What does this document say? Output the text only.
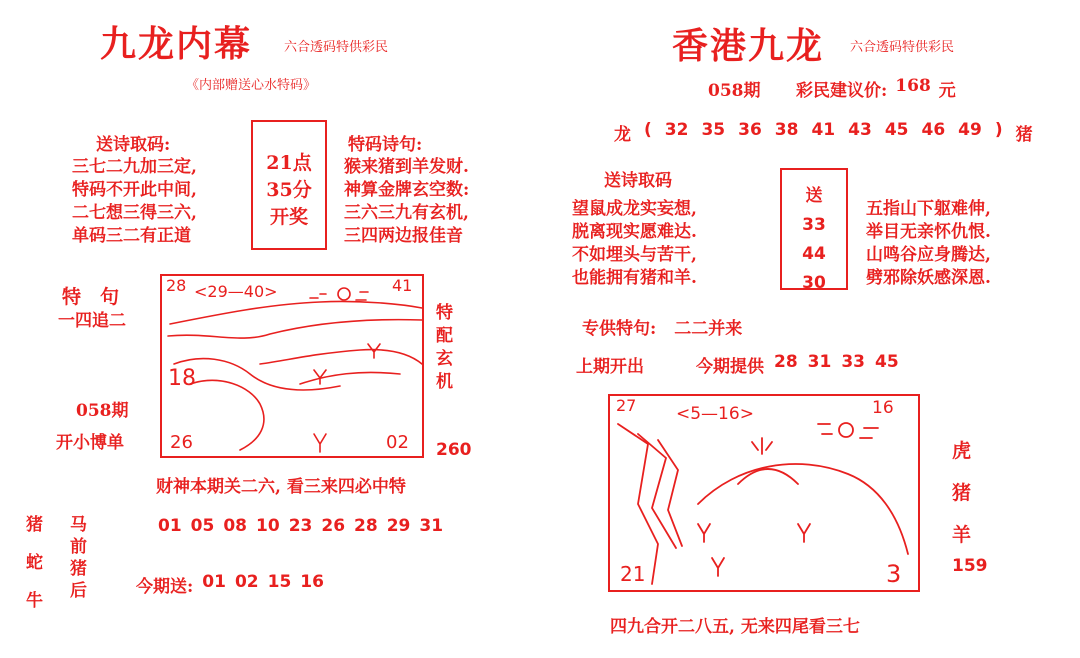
九龙内幕 六合透码特供彩民
《内部赠送心水特码》
送诗取码:
三七二九加三定,
特码不开此中间,
二七想三得三六,
单码三二有正道
21点
35分
开奖
特码诗句:
猴来猪到羊发财.
神算金牌玄空数:
三六三九有玄机,
三四两边报佳音
特　句
一四追二
058期
开小博单
28 <29—40>	41
18
26	02
特
配
玄
机
260
财神本期关二六, 看三来四必中特
猪
蛇
牛
马
前
猪
后
01 05 08 10 23 26 28 29 31
今期送: 01 02 15 16
香港九龙 六合透码特供彩民
058期 彩民建议价: 168 元
龙 ( 32 35 36 38 41 43 45 46 49 ) 猪
送诗取码
望鼠成龙实妄想,
脱离现实愿难达.
不如埋头与苦干,
也能拥有猪和羊.
送
33
44
30
五指山下躯难伸,
举目无亲怀仇恨.
山鸣谷应身腾达,
劈邪除妖感深恩.
专供特句: 二二并来
上期开出	今期提供 28 31 33 45
27 <5—16>	16
21	3
虎
猪
羊
159
四九合开二八五, 无来四尾看三七
